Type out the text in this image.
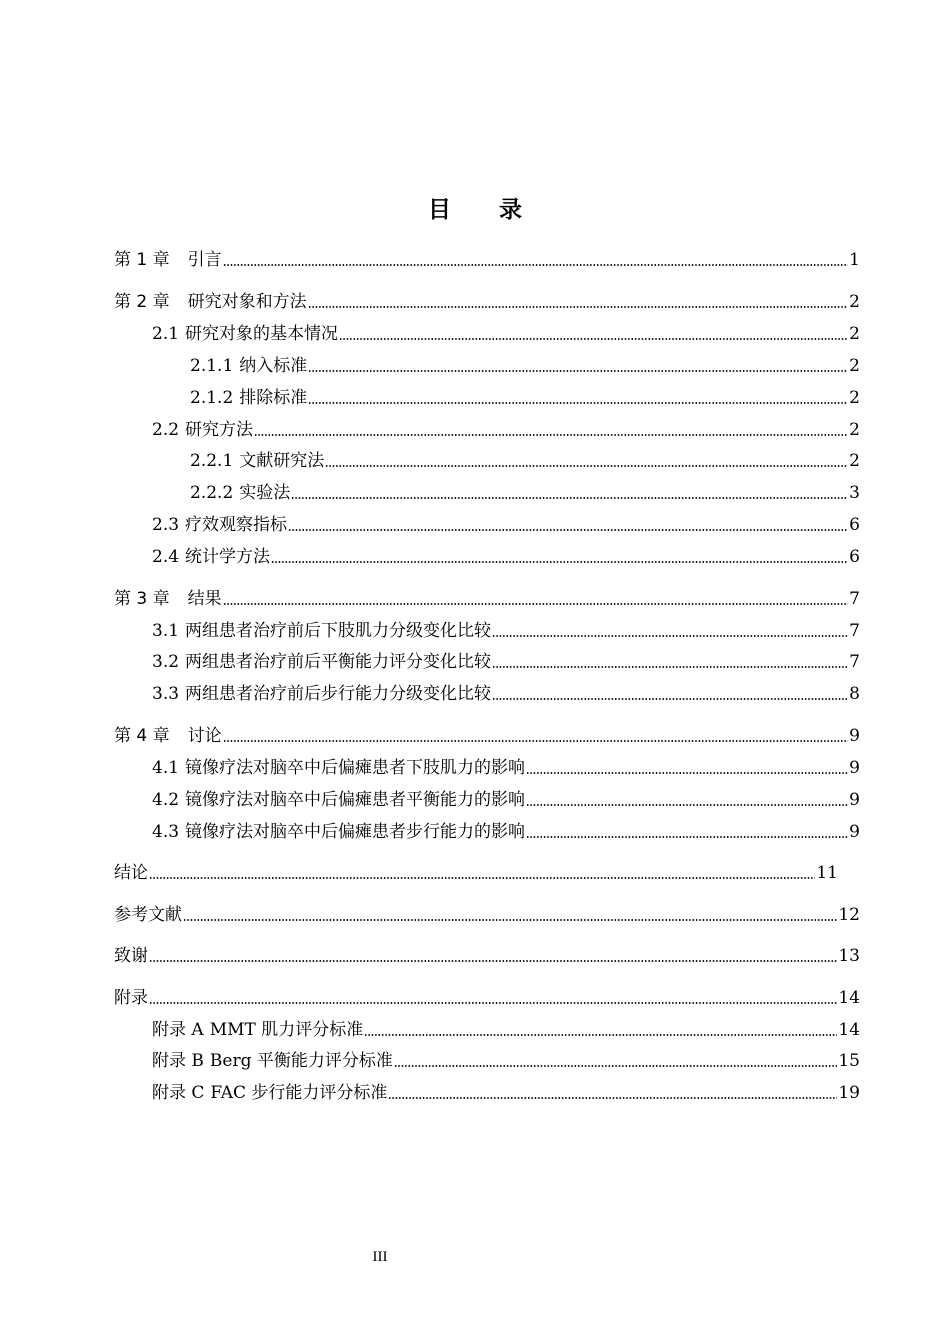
目 录
第 1 章 引言	1
第 2 章 研究对象和方法	2
2.1 研究对象的基本情况	2
2.1.1 纳入标准	2
2.1.2 排除标准	2
2.2 研究方法	2
2.2.1 文献研究法	2
2.2.2 实验法	3
2.3 疗效观察指标	6
2.4 统计学方法	6
第 3 章 结果	7
3.1 两组患者治疗前后下肢肌力分级变化比较	7
3.2 两组患者治疗前后平衡能力评分变化比较	7
3.3 两组患者治疗前后步行能力分级变化比较	8
第 4 章 讨论	9
4.1 镜像疗法对脑卒中后偏瘫患者下肢肌力的影响	9
4.2 镜像疗法对脑卒中后偏瘫患者平衡能力的影响	9
4.3 镜像疗法对脑卒中后偏瘫患者步行能力的影响	9
结论	11
参考文献	12
致谢	13
附录	14
附录 A MMT 肌力评分标准	14
附录 B Berg 平衡能力评分标准	15
附录 C FAC 步行能力评分标准	19
III
